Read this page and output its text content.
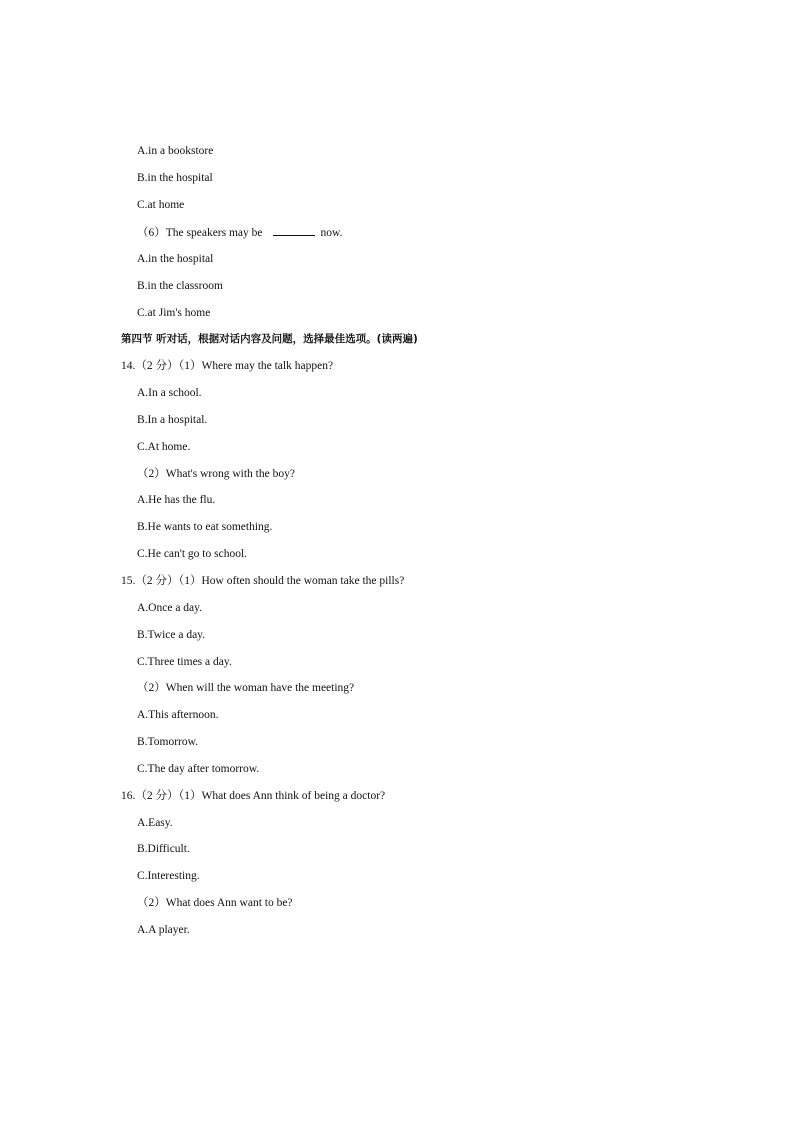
A.in a bookstore
B.in the hospital
C.at home
（6）The speakers may be	now.
A.in the hospital
B.in the classroom
C.at Jim's home
第四节 听对话，根据对话内容及问题，选择最佳选项。(读两遍)
14.（2 分）（1）Where may the talk happen?
A.In a school.
B.In a hospital.
C.At home.
（2）What's wrong with the boy?
A.He has the flu.
B.He wants to eat something.
C.He can't go to school.
15.（2 分）（1）How often should the woman take the pills?
A.Once a day.
B.Twice a day.
C.Three times a day.
（2）When will the woman have the meeting?
A.This afternoon.
B.Tomorrow.
C.The day after tomorrow.
16.（2 分）（1）What does Ann think of being a doctor?
A.Easy.
B.Difficult.
C.Interesting.
（2）What does Ann want to be?
A.A player.
